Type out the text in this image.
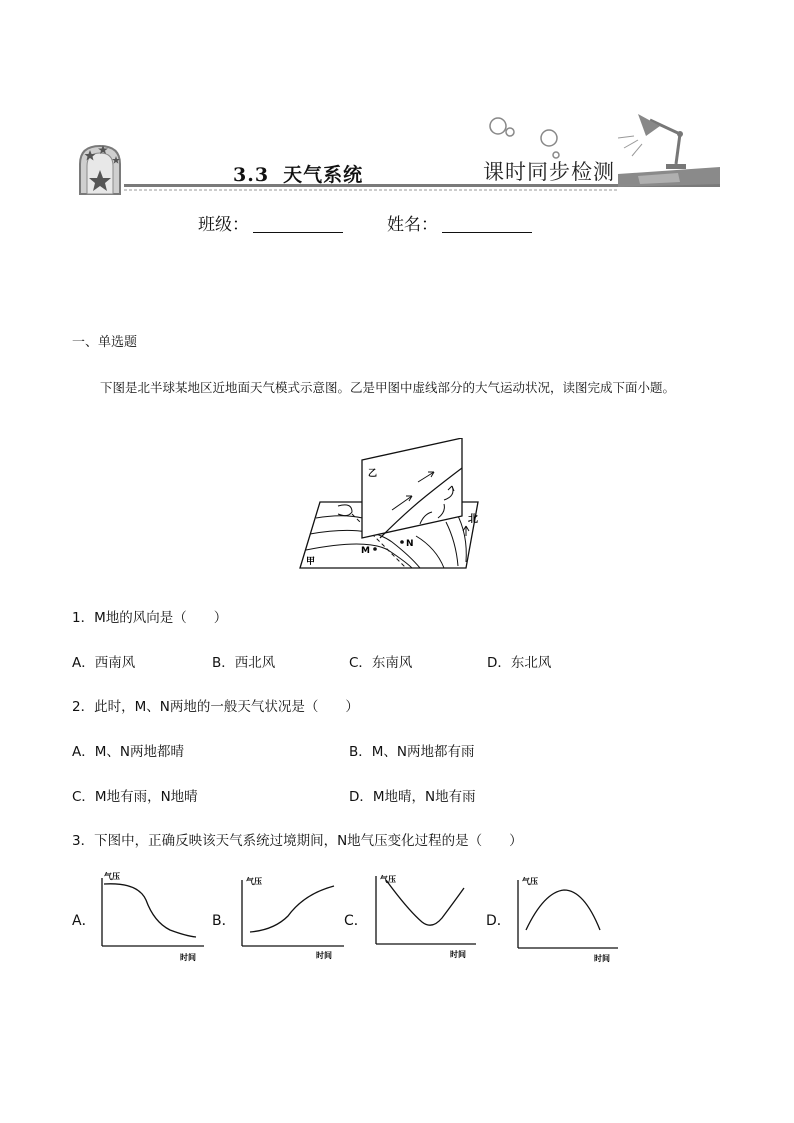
3.3 天气系统	课时同步检测
班级：	姓名：
一、单选题
下图是北半球某地区近地面天气模式示意图。乙是甲图中虚线部分的大气运动状况，读图完成下面小题。
乙
甲
北
M
N
1．M地的风向是（　　）
A．西南风	B．西北风	C．东南风	D．东北风
2．此时，M、N两地的一般天气状况是（　　）
A．M、N两地都晴	B．M、N两地都有雨
C．M地有雨，N地晴	D．M地晴，N地有雨
3．下图中，正确反映该天气系统过境期间，N地气压变化过程的是（　　）
A．	B．	C．	D．
气压
时间
气压
时间
气压
时间
气压
时间
